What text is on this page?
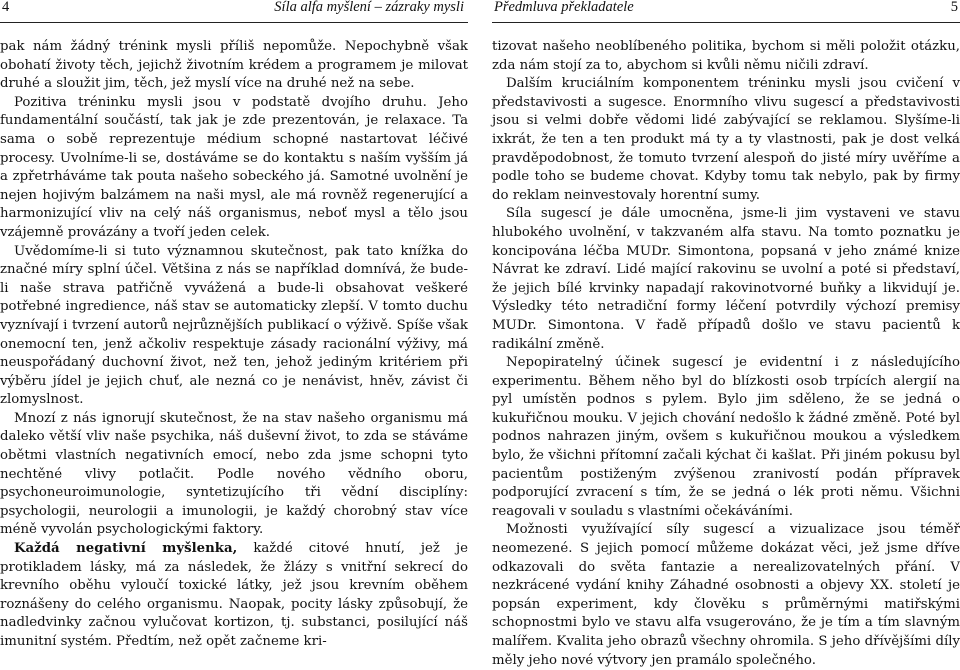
4	Síla alfa myšlení – zázraky mysli

pak nám žádný trénink mysli příliš nepomůže. Nepochybně však obohatí životy těch, jejichž životním krédem a programem je milovat druhé a sloužit jim, těch, jež myslí více na druhé než na sebe.

Pozitiva tréninku mysli jsou v podstatě dvojího druhu. Jeho fundamentální součástí, tak jak je zde prezentován, je relaxace. Ta sama o sobě reprezentuje médium schopné nastartovat léčivé procesy. Uvolníme-li se, dostáváme se do kontaktu s naším vyšším já a zpřetrháváme tak pouta našeho sobeckého já. Samotné uvolnění je nejen hojivým balzámem na naši mysl, ale má rovněž regenerující a harmonizující vliv na celý náš organismus, neboť mysl a tělo jsou vzájemně provázány a tvoří jeden celek.

Uvědomíme-li si tuto významnou skutečnost, pak tato knížka do značné míry splní účel. Většina z nás se například domnívá, že bude-li naše strava patřičně vyvážená a bude-li obsahovat veškeré potřebné ingredience, náš stav se automaticky zlepší. V tomto duchu vyznívají i tvrzení autorů nejrůznějších publikací o výživě. Spíše však onemocní ten, jenž ačkoliv respektuje zásady racionální výživy, má neuspořádaný duchovní život, než ten, jehož jediným kritériem při výběru jídel je jejich chuť, ale nezná co je nenávist, hněv, závist či zlomyslnost.

Mnozí z nás ignorují skutečnost, že na stav našeho organismu má daleko větší vliv naše psychika, náš duševní život, to zda se stáváme obětmi vlastních negativních emocí, nebo zda jsme schopni tyto nechtěné vlivy potlačit. Podle nového vědního oboru, psychoneuroimunologie, syntetizujícího tři vědní disciplíny: psychologii, neurologii a imunologii, je každý chorobný stav více méně vyvolán psychologickými faktory.

Každá negativní myšlenka, každé citové hnutí, jež je protikladem lásky, má za následek, že žlázy s vnitřní sekrecí do krevního oběhu vyloučí toxické látky, jež jsou krevním oběhem roznášeny do celého organismu. Naopak, pocity lásky způsobují, že nadledvinky začnou vylučovat kortizon, tj. substanci, posilující náš imunitní systém. Předtím, než opět začneme kri-

Předmluva překladatele	5

tizovat našeho neoblíbeného politika, bychom si měli položit otázku, zda nám stojí za to, abychom si kvůli němu ničili zdraví.

Dalším kruciálním komponentem tréninku mysli jsou cvičení v představivosti a sugesce. Enormního vlivu sugescí a představivosti jsou si velmi dobře vědomi lidé zabývající se reklamou. Slyšíme-li ixkrát, že ten a ten produkt má ty a ty vlastnosti, pak je dost velká pravděpodobnost, že tomuto tvrzení alespoň do jisté míry uvěříme a podle toho se budeme chovat. Kdyby tomu tak nebylo, pak by firmy do reklam neinvestovaly horentní sumy.

Síla sugescí je dále umocněna, jsme-li jim vystaveni ve stavu hlubokého uvolnění, v takzvaném alfa stavu. Na tomto poznatku je koncipována léčba MUDr. Simontona, popsaná v jeho známé knize Návrat ke zdraví. Lidé mající rakovinu se uvolní a poté si představí, že jejich bílé krvinky napadají rakovinotvorné buňky a likvidují je. Výsledky této netradiční formy léčení potvrdily výchozí premisy MUDr. Simontona. V řadě případů došlo ve stavu pacientů k radikální změně.

Nepopiratelný účinek sugescí je evidentní i z následujícího experimentu. Během něho byl do blízkosti osob trpících alergií na pyl umístěn podnos s pylem. Bylo jim sděleno, že se jedná o kukuřičnou mouku. V jejich chování nedošlo k žádné změně. Poté byl podnos nahrazen jiným, ovšem s kukuřičnou moukou a výsledkem bylo, že všichni přítomní začali kýchat či kašlat. Při jiném pokusu byl pacientům postiženým zvýšenou zranivostí podán přípravek podporující zvracení s tím, že se jedná o lék proti němu. Všichni reagovali v souladu s vlastními očekáváními.

Možnosti využívající síly sugescí a vizualizace jsou téměř neomezené. S jejich pomocí můžeme dokázat věci, jež jsme dříve odkazovali do světa fantazie a nerealizovatelných přání. V nezkrácené vydání knihy Záhadné osobnosti a objevy XX. století je popsán experiment, kdy člověku s průměrnými matiřskými schopnostmi bylo ve stavu alfa vsugerováno, že je tím a tím slavným malířem. Kvalita jeho obrazů všechny ohromila. S jeho dřívějšími díly měly jeho nové výtvory jen pramálo společného.
